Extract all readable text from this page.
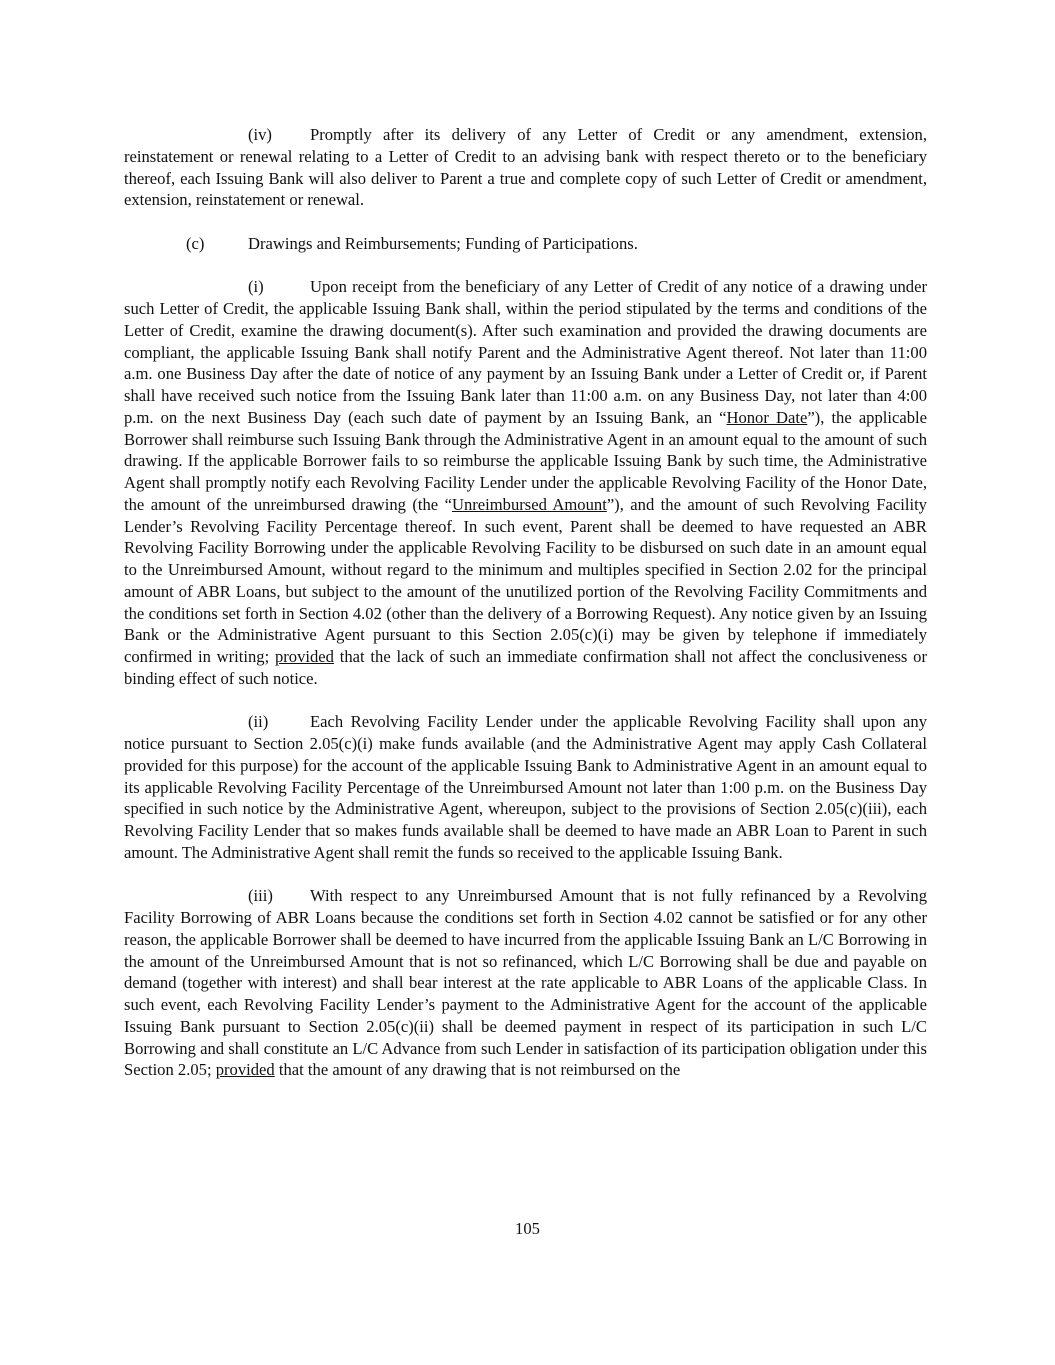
(iv) Promptly after its delivery of any Letter of Credit or any amendment, extension, reinstatement or renewal relating to a Letter of Credit to an advising bank with respect thereto or to the beneficiary thereof, each Issuing Bank will also deliver to Parent a true and complete copy of such Letter of Credit or amendment, extension, reinstatement or renewal.

(c)	Drawings and Reimbursements; Funding of Participations.

(i)	Upon receipt from the beneficiary of any Letter of Credit of any notice of a drawing under such Letter of Credit, the applicable Issuing Bank shall, within the period stipulated by the terms and conditions of the Letter of Credit, examine the drawing document(s). After such examination and provided the drawing documents are compliant, the applicable Issuing Bank shall notify Parent and the Administrative Agent thereof. Not later than 11:00 a.m. one Business Day after the date of notice of any payment by an Issuing Bank under a Letter of Credit or, if Parent shall have received such notice from the Issuing Bank later than 11:00 a.m. on any Business Day, not later than 4:00 p.m. on the next Business Day (each such date of payment by an Issuing Bank, an “Honor Date”), the applicable Borrower shall reimburse such Issuing Bank through the Administrative Agent in an amount equal to the amount of such drawing. If the applicable Borrower fails to so reimburse the applicable Issuing Bank by such time, the Administrative Agent shall promptly notify each Revolving Facility Lender under the applicable Revolving Facility of the Honor Date, the amount of the unreimbursed drawing (the “Unreimbursed Amount”), and the amount of such Revolving Facility Lender’s Revolving Facility Percentage thereof. In such event, Parent shall be deemed to have requested an ABR Revolving Facility Borrowing under the applicable Revolving Facility to be disbursed on such date in an amount equal to the Unreimbursed Amount, without regard to the minimum and multiples specified in Section 2.02 for the principal amount of ABR Loans, but subject to the amount of the unutilized portion of the Revolving Facility Commitments and the conditions set forth in Section 4.02 (other than the delivery of a Borrowing Request). Any notice given by an Issuing Bank or the Administrative Agent pursuant to this Section 2.05(c)(i) may be given by telephone if immediately confirmed in writing; provided that the lack of such an immediate confirmation shall not affect the conclusiveness or binding effect of such notice.

(ii)	Each Revolving Facility Lender under the applicable Revolving Facility shall upon any notice pursuant to Section 2.05(c)(i) make funds available (and the Administrative Agent may apply Cash Collateral provided for this purpose) for the account of the applicable Issuing Bank to Administrative Agent in an amount equal to its applicable Revolving Facility Percentage of the Unreimbursed Amount not later than 1:00 p.m. on the Business Day specified in such notice by the Administrative Agent, whereupon, subject to the provisions of Section 2.05(c)(iii), each Revolving Facility Lender that so makes funds available shall be deemed to have made an ABR Loan to Parent in such amount. The Administrative Agent shall remit the funds so received to the applicable Issuing Bank.

(iii) With respect to any Unreimbursed Amount that is not fully refinanced by a Revolving Facility Borrowing of ABR Loans because the conditions set forth in Section 4.02 cannot be satisfied or for any other reason, the applicable Borrower shall be deemed to have incurred from the applicable Issuing Bank an L/C Borrowing in the amount of the Unreimbursed Amount that is not so refinanced, which L/C Borrowing shall be due and payable on demand (together with interest) and shall bear interest at the rate applicable to ABR Loans of the applicable Class. In such event, each Revolving Facility Lender’s payment to the Administrative Agent for the account of the applicable Issuing Bank pursuant to Section 2.05(c)(ii) shall be deemed payment in respect of its participation in such L/C Borrowing and shall constitute an L/C Advance from such Lender in satisfaction of its participation obligation under this Section 2.05; provided that the amount of any drawing that is not reimbursed on the

105
